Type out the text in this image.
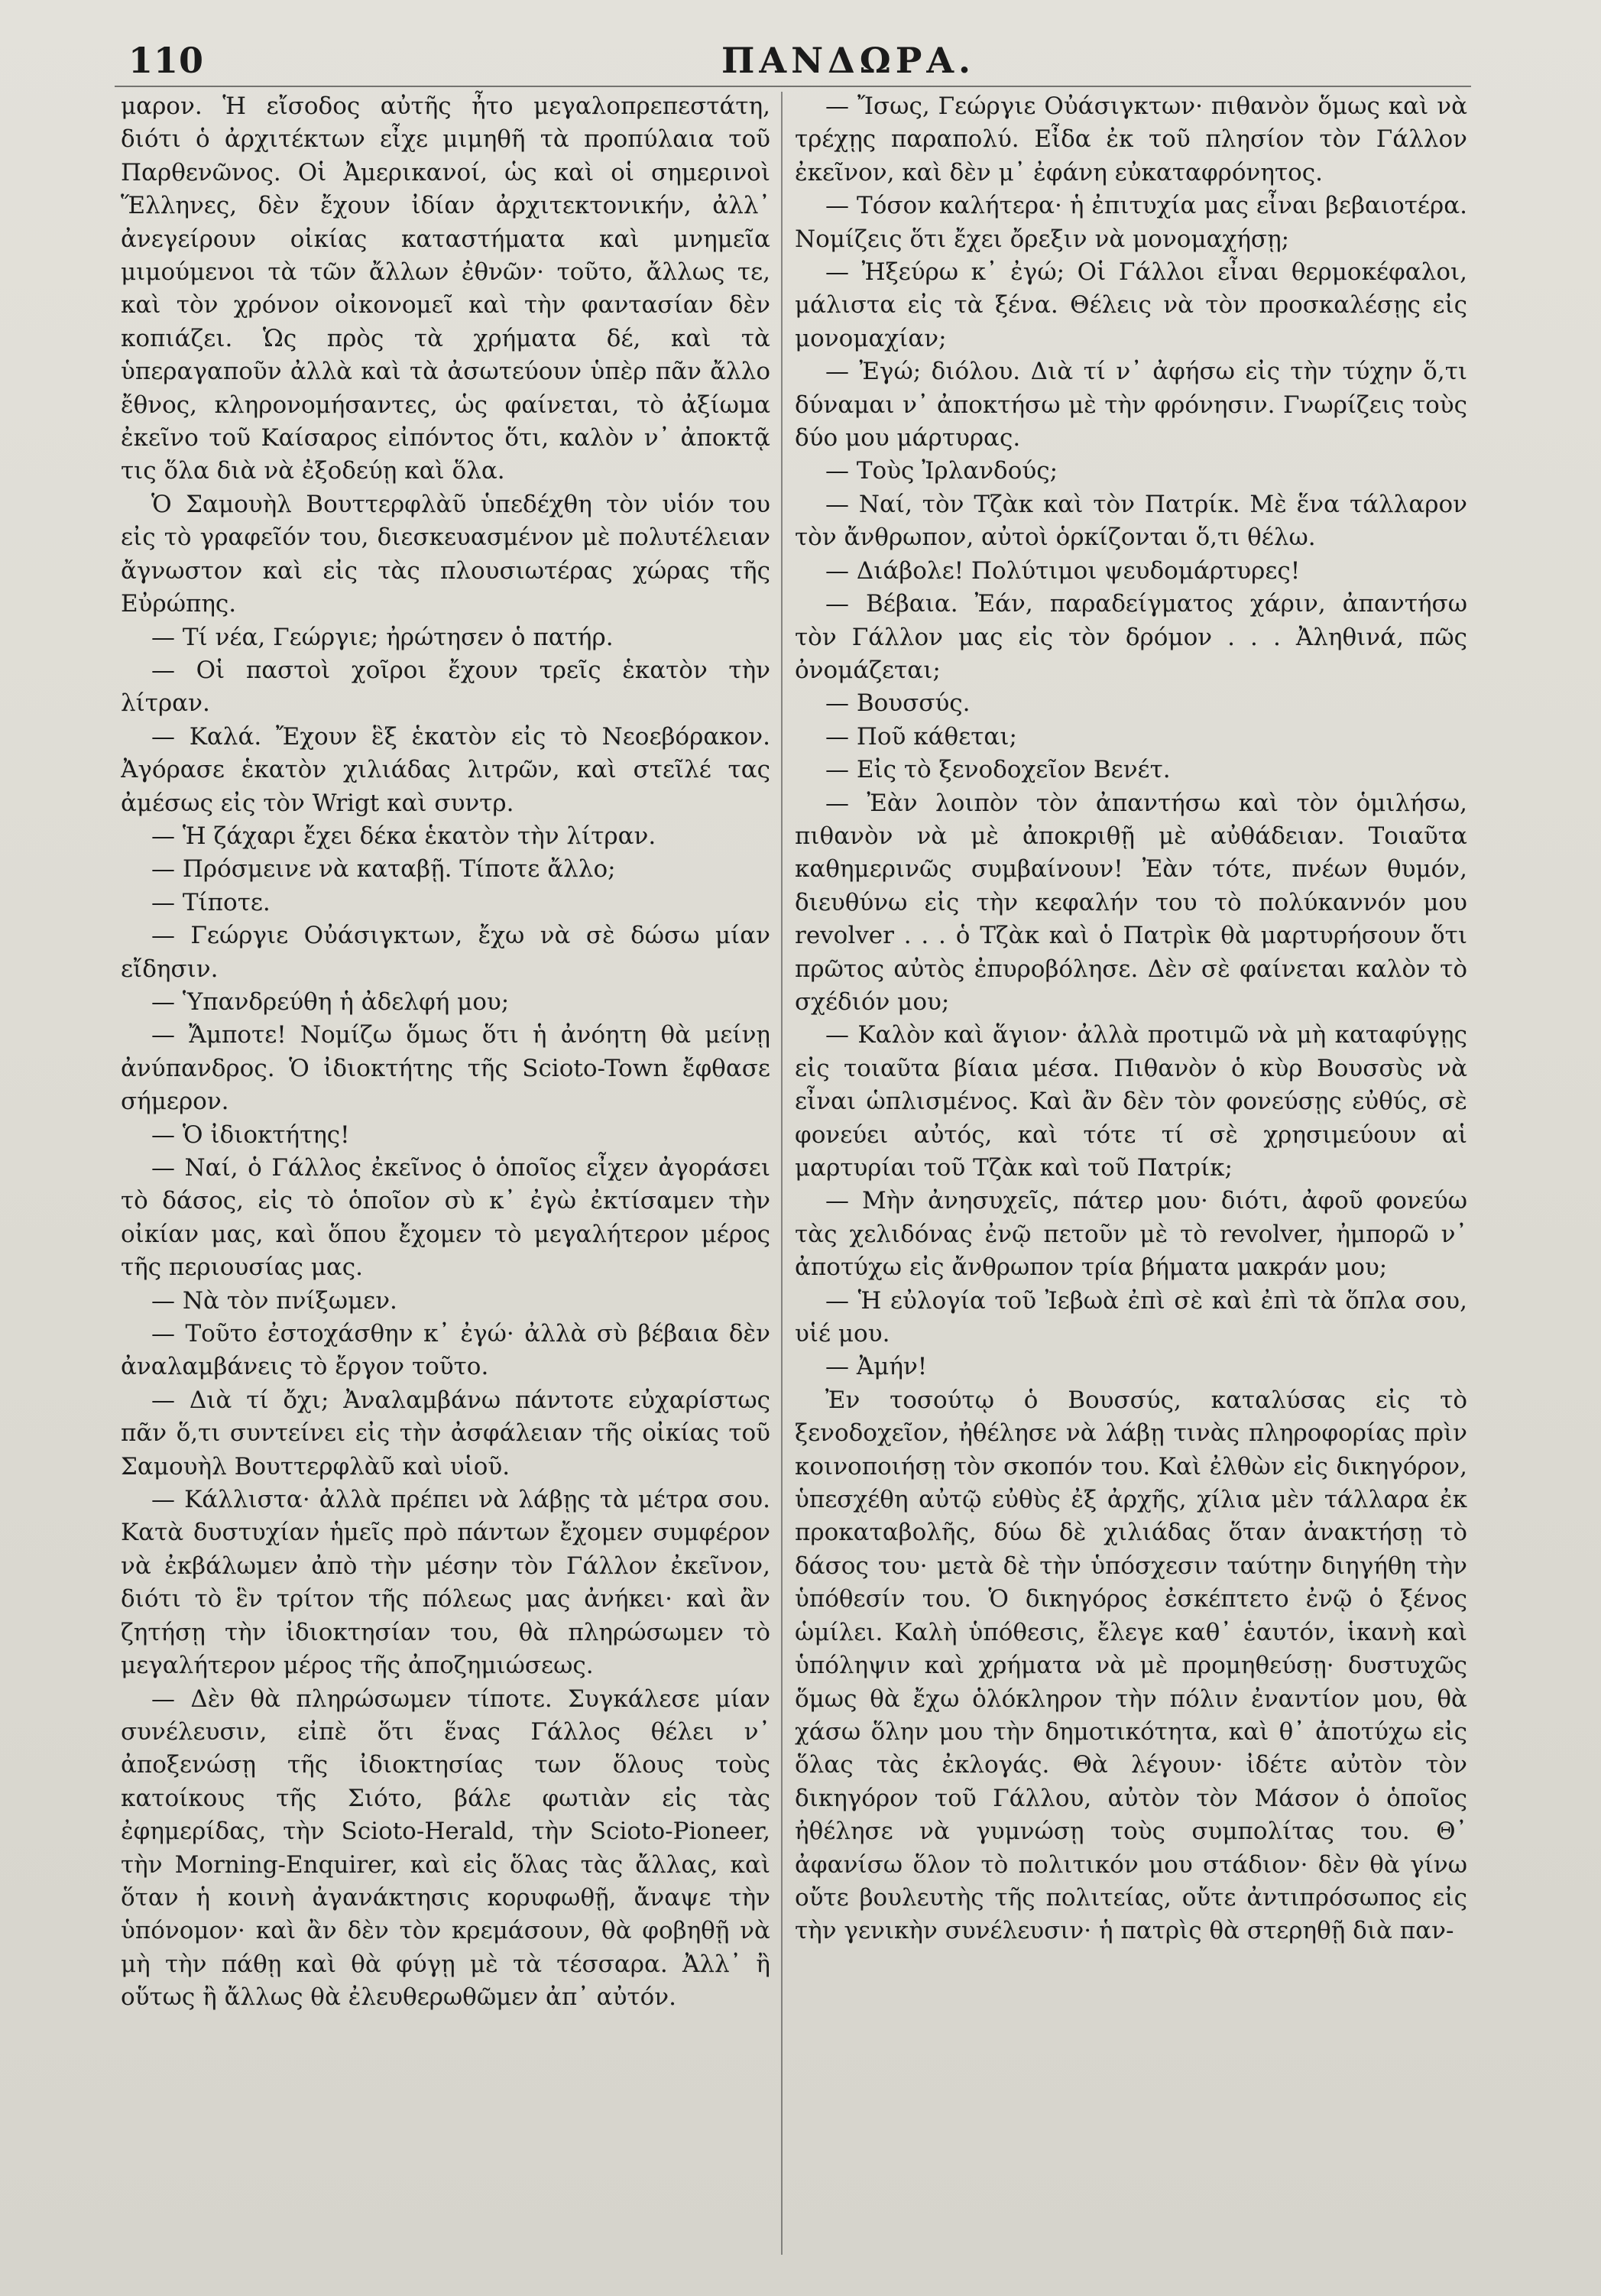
110	ΠΑΝΔΩΡΑ.

μαρον. Ἡ εἴσοδος αὐτῆς ἦτο μεγαλοπρεπεστάτη, διότι ὁ ἀρχιτέκτων εἶχε μιμηθῆ τὰ προπύλαια τοῦ Παρθενῶνος. Οἱ Ἀμερικανοί, ὡς καὶ οἱ σημερινοὶ Ἕλληνες, δὲν ἔχουν ἰδίαν ἀρχιτεκτονικήν, ἀλλ᾽ ἀνεγείρουν οἰκίας καταστήματα καὶ μνημεῖα μιμούμενοι τὰ τῶν ἄλλων ἐθνῶν· τοῦτο, ἄλλως τε, καὶ τὸν χρόνον οἰκονομεῖ καὶ τὴν φαντασίαν δὲν κοπιάζει. Ὡς πρὸς τὰ χρήματα δέ, καὶ τὰ ὑπεραγαποῦν ἀλλὰ καὶ τὰ ἀσωτεύουν ὑπὲρ πᾶν ἄλλο ἔθνος, κληρονομήσαντες, ὡς φαίνεται, τὸ ἀξίωμα ἐκεῖνο τοῦ Καίσαρος εἰπόντος ὅτι, καλὸν ν᾽ ἀποκτᾷ τις ὅλα διὰ νὰ ἐξοδεύῃ καὶ ὅλα.

Ὁ Σαμουὴλ Βουττερφλὰῦ ὑπεδέχθη τὸν υἱόν του εἰς τὸ γραφεῖόν του, διεσκευασμένον μὲ πολυτέλειαν ἄγνωστον καὶ εἰς τὰς πλουσιωτέρας χώρας τῆς Εὐρώπης.

— Τί νέα, Γεώργιε; ἠρώτησεν ὁ πατήρ.

— Οἱ παστοὶ χοῖροι ἔχουν τρεῖς ἑκατὸν τὴν λίτραν.

— Καλά. Ἔχουν ἓξ ἑκατὸν εἰς τὸ Νεοεβόρακον. Ἀγόρασε ἑκατὸν χιλιάδας λιτρῶν, καὶ στεῖλέ τας ἀμέσως εἰς τὸν Wrigt καὶ συντρ.

— Ἡ ζάχαρι ἔχει δέκα ἑκατὸν τὴν λίτραν.

— Πρόσμεινε νὰ καταβῇ. Τίποτε ἄλλο;

— Τίποτε.

— Γεώργιε Οὐάσιγκτων, ἔχω νὰ σὲ δώσω μίαν εἴδησιν.

— Ὑπανδρεύθη ἡ ἀδελφή μου;

— Ἄμποτε! Νομίζω ὅμως ὅτι ἡ ἀνόητη θὰ μείνῃ ἀνύπανδρος. Ὁ ἰδιοκτήτης τῆς Scioto-Town ἔφθασε σήμερον.

— Ὁ ἰδιοκτήτης!

— Ναί, ὁ Γάλλος ἐκεῖνος ὁ ὁποῖος εἶχεν ἀγοράσει τὸ δάσος, εἰς τὸ ὁποῖον σὺ κ᾽ ἐγὼ ἐκτίσαμεν τὴν οἰκίαν μας, καὶ ὅπου ἔχομεν τὸ μεγαλήτερον μέρος τῆς περιουσίας μας.

— Νὰ τὸν πνίξωμεν.

— Τοῦτο ἐστοχάσθην κ᾽ ἐγώ· ἀλλὰ σὺ βέβαια δὲν ἀναλαμβάνεις τὸ ἔργον τοῦτο.

— Διὰ τί ὄχι; Ἀναλαμβάνω πάντοτε εὐχαρίστως πᾶν ὅ,τι συντείνει εἰς τὴν ἀσφάλειαν τῆς οἰκίας τοῦ Σαμουὴλ Βουττερφλὰῦ καὶ υἱοῦ.

— Κάλλιστα· ἀλλὰ πρέπει νὰ λάβῃς τὰ μέτρα σου. Κατὰ δυστυχίαν ἡμεῖς πρὸ πάντων ἔχομεν συμφέρον νὰ ἐκβάλωμεν ἀπὸ τὴν μέσην τὸν Γάλλον ἐκεῖνον, διότι τὸ ἓν τρίτον τῆς πόλεως μας ἀνήκει· καὶ ἂν ζητήσῃ τὴν ἰδιοκτησίαν του, θὰ πληρώσωμεν τὸ μεγαλήτερον μέρος τῆς ἀποζημιώσεως.

— Δὲν θὰ πληρώσωμεν τίποτε. Συγκάλεσε μίαν συνέλευσιν, εἰπὲ ὅτι ἕνας Γάλλος θέλει ν᾽ ἀποξενώσῃ τῆς ἰδιοκτησίας των ὅλους τοὺς κατοίκους τῆς Σιότο, βάλε φωτιὰν εἰς τὰς ἐφημερίδας, τὴν Scioto-Herald, τὴν Scioto-Pioneer, τὴν Morning-Enquirer, καὶ εἰς ὅλας τὰς ἄλλας, καὶ ὅταν ἡ κοινὴ ἀγανάκτησις κορυφωθῇ, ἄναψε τὴν ὑπόνομον· καὶ ἂν δὲν τὸν κρεμάσουν, θὰ φοβηθῇ νὰ μὴ τὴν πάθῃ καὶ θὰ φύγῃ μὲ τὰ τέσσαρα. Ἀλλ᾽ ἢ οὕτως ἢ ἄλλως θὰ ἐλευθερωθῶμεν ἀπ᾽ αὐτόν.

— Ἴσως, Γεώργιε Οὐάσιγκτων· πιθανὸν ὅμως καὶ νὰ τρέχῃς παραπολύ. Εἶδα ἐκ τοῦ πλησίον τὸν Γάλλον ἐκεῖνον, καὶ δὲν μ᾽ ἐφάνη εὐκαταφρόνητος.

— Τόσον καλήτερα· ἡ ἐπιτυχία μας εἶναι βεβαιοτέρα. Νομίζεις ὅτι ἔχει ὄρεξιν νὰ μονομαχήσῃ;

— Ἠξεύρω κ᾽ ἐγώ; Οἱ Γάλλοι εἶναι θερμοκέφαλοι, μάλιστα εἰς τὰ ξένα. Θέλεις νὰ τὸν προσκαλέσῃς εἰς μονομαχίαν;

— Ἐγώ; διόλου. Διὰ τί ν᾽ ἀφήσω εἰς τὴν τύχην ὅ,τι δύναμαι ν᾽ ἀποκτήσω μὲ τὴν φρόνησιν. Γνωρίζεις τοὺς δύο μου μάρτυρας.

— Τοὺς Ἰρλανδούς;

— Ναί, τὸν Τζὰκ καὶ τὸν Πατρίκ. Μὲ ἕνα τάλλαρον τὸν ἄνθρωπον, αὐτοὶ ὁρκίζονται ὅ,τι θέλω.

— Διάβολε! Πολύτιμοι ψευδομάρτυρες!

— Βέβαια. Ἐάν, παραδείγματος χάριν, ἀπαντήσω τὸν Γάλλον μας εἰς τὸν δρόμον . . . Ἀληθινά, πῶς ὀνομάζεται;

— Βουσσύς.

— Ποῦ κάθεται;

— Εἰς τὸ ξενοδοχεῖον Βενέτ.

— Ἐὰν λοιπὸν τὸν ἀπαντήσω καὶ τὸν ὁμιλήσω, πιθανὸν νὰ μὲ ἀποκριθῇ μὲ αὐθάδειαν. Τοιαῦτα καθημερινῶς συμβαίνουν! Ἐὰν τότε, πνέων θυμόν, διευθύνω εἰς τὴν κεφαλήν του τὸ πολύκαννόν μου revolver . . . ὁ Τζὰκ καὶ ὁ Πατρὶκ θὰ μαρτυρήσουν ὅτι πρῶτος αὐτὸς ἐπυροβόλησε. Δὲν σὲ φαίνεται καλὸν τὸ σχέδιόν μου;

— Καλὸν καὶ ἅγιον· ἀλλὰ προτιμῶ νὰ μὴ καταφύγῃς εἰς τοιαῦτα βίαια μέσα. Πιθανὸν ὁ κὺρ Βουσσὺς νὰ εἶναι ὡπλισμένος. Καὶ ἂν δὲν τὸν φονεύσῃς εὐθύς, σὲ φονεύει αὐτός, καὶ τότε τί σὲ χρησιμεύουν αἱ μαρτυρίαι τοῦ Τζὰκ καὶ τοῦ Πατρίκ;

— Μὴν ἀνησυχεῖς, πάτερ μου· διότι, ἀφοῦ φονεύω τὰς χελιδόνας ἐνῷ πετοῦν μὲ τὸ revolver, ἠμπορῶ ν᾽ ἀποτύχω εἰς ἄνθρωπον τρία βήματα μακράν μου;

— Ἡ εὐλογία τοῦ Ἰεβωὰ ἐπὶ σὲ καὶ ἐπὶ τὰ ὅπλα σου, υἱέ μου.

— Ἀμήν!

Ἐν τοσούτῳ ὁ Βουσσύς, καταλύσας εἰς τὸ ξενοδοχεῖον, ἠθέλησε νὰ λάβῃ τινὰς πληροφορίας πρὶν κοινοποιήσῃ τὸν σκοπόν του. Καὶ ἐλθὼν εἰς δικηγόρον, ὑπεσχέθη αὐτῷ εὐθὺς ἐξ ἀρχῆς, χίλια μὲν τάλλαρα ἐκ προκαταβολῆς, δύω δὲ χιλιάδας ὅταν ἀνακτήσῃ τὸ δάσος του· μετὰ δὲ τὴν ὑπόσχεσιν ταύτην διηγήθη τὴν ὑπόθεσίν του. Ὁ δικηγόρος ἐσκέπτετο ἐνῷ ὁ ξένος ὡμίλει. Καλὴ ὑπόθεσις, ἔλεγε καθ᾽ ἑαυτόν, ἱκανὴ καὶ ὑπόληψιν καὶ χρήματα νὰ μὲ προμηθεύσῃ· δυστυχῶς ὅμως θὰ ἔχω ὁλόκληρον τὴν πόλιν ἐναντίον μου, θὰ χάσω ὅλην μου τὴν δημοτικότητα, καὶ θ᾽ ἀποτύχω εἰς ὅλας τὰς ἐκλογάς. Θὰ λέγουν· ἰδέτε αὐτὸν τὸν δικηγόρον τοῦ Γάλλου, αὐτὸν τὸν Μάσον ὁ ὁποῖος ἠθέλησε νὰ γυμνώσῃ τοὺς συμπολίτας του. Θ᾽ ἀφανίσω ὅλον τὸ πολιτικόν μου στάδιον· δὲν θὰ γίνω οὔτε βουλευτὴς τῆς πολιτείας, οὔτε ἀντιπρόσωπος εἰς τὴν γενικὴν συνέλευσιν· ἡ πατρὶς θὰ στερηθῇ διὰ παν-
